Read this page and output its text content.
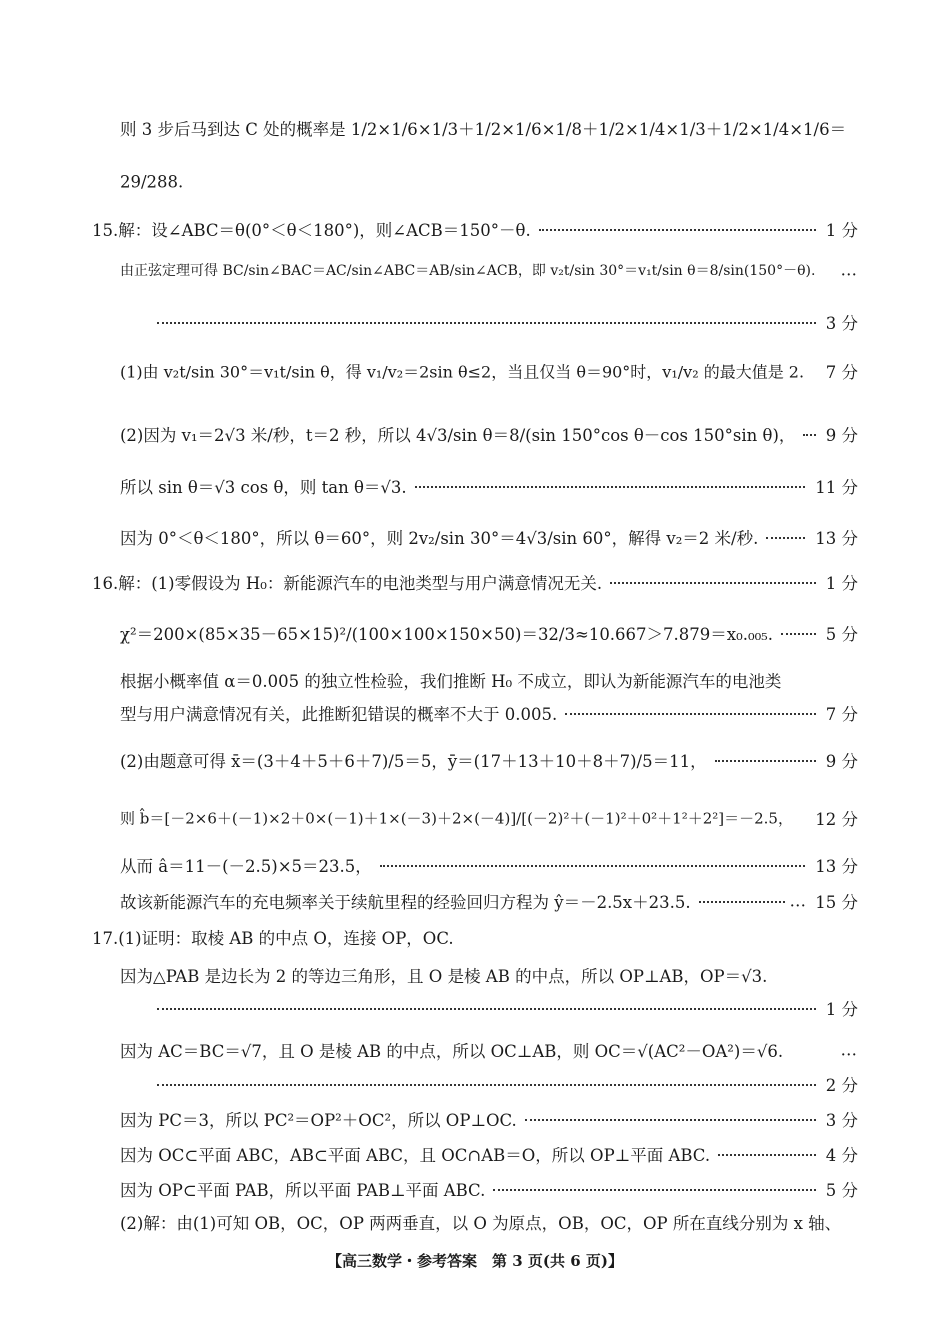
则 3 步后马到达 C 处的概率是 1/2×1/6×1/3＋1/2×1/6×1/8＋1/2×1/4×1/3＋1/2×1/4×1/6＝
29/288.
15.解：设∠ABC＝θ(0°＜θ＜180°)，则∠ACB＝150°－θ.	1 分
由正弦定理可得 BC/sin∠BAC＝AC/sin∠ABC＝AB/sin∠ACB，即 v₂t/sin 30°＝v₁t/sin θ＝8/sin(150°－θ). …
3 分
(1)由 v₂t/sin 30°＝v₁t/sin θ，得 v₁/v₂＝2sin θ≤2，当且仅当 θ＝90°时，v₁/v₂ 的最大值是 2. 7 分
(2)因为 v₁＝2√3 米/秒，t＝2 秒，所以 4√3/sin θ＝8/(sin 150°cos θ－cos 150°sin θ)， 9 分
所以 sin θ＝√3 cos θ，则 tan θ＝√3.	11 分
因为 0°＜θ＜180°，所以 θ＝60°，则 2v₂/sin 30°＝4√3/sin 60°，解得 v₂＝2 米/秒.	13 分
16.解：(1)零假设为 H₀：新能源汽车的电池类型与用户满意情况无关.	1 分
χ²＝200×(85×35－65×15)²/(100×100×150×50)＝32/3≈10.667＞7.879＝x₀.₀₀₅.	5 分
根据小概率值 α＝0.005 的独立性检验，我们推断 H₀ 不成立，即认为新能源汽车的电池类
型与用户满意情况有关，此推断犯错误的概率不大于 0.005.	7 分
(2)由题意可得 x̄＝(3＋4＋5＋6＋7)/5＝5，ȳ＝(17＋13＋10＋8＋7)/5＝11，	9 分
则 b̂＝[－2×6＋(－1)×2＋0×(－1)＋1×(－3)＋2×(－4)]/[(－2)²＋(－1)²＋0²＋1²＋2²]＝－2.5， 12 分
从而 â＝11－(－2.5)×5＝23.5，	13 分
故该新能源汽车的充电频率关于续航里程的经验回归方程为 ŷ＝－2.5x＋23.5.	15 分
…
17.(1)证明：取棱 AB 的中点 O，连接 OP，OC.
因为△PAB 是边长为 2 的等边三角形，且 O 是棱 AB 的中点，所以 OP⊥AB，OP＝√3.
1 分
因为 AC＝BC＝√7，且 O 是棱 AB 的中点，所以 OC⊥AB，则 OC＝√(AC²－OA²)＝√6.	…
2 分
因为 PC＝3，所以 PC²＝OP²＋OC²，所以 OP⊥OC.	3 分
因为 OC⊂平面 ABC，AB⊂平面 ABC，且 OC∩AB＝O，所以 OP⊥平面 ABC.	4 分
因为 OP⊂平面 PAB，所以平面 PAB⊥平面 ABC.	5 分
(2)解：由(1)可知 OB，OC，OP 两两垂直，以 O 为原点，OB，OC，OP 所在直线分别为 x 轴、
【高三数学・参考答案　第 3 页(共 6 页)】
